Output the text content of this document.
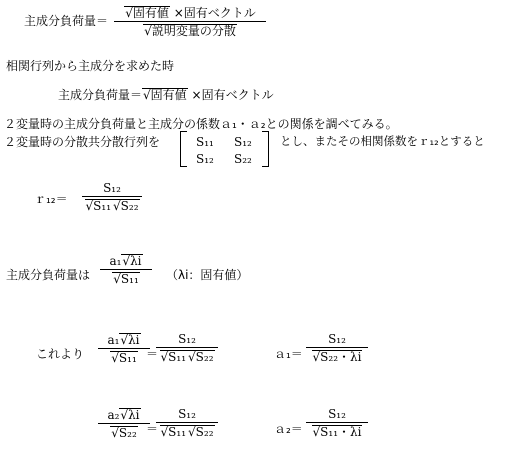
主成分負荷量＝
√ 固有値 ×固有ベクトル
√ 説明変量の分散
相関行列から主成分を求めた時
主成分負荷量＝ √ 固有値 ×固有ベクトル
２変量時の主成分負荷量と主成分の係数ａ₁・ａ₂との関係を調べてみる。
２変量時の分散共分散行列を	S₁₁ S₁₂
S₁₂ S₂₂
とし、またその相関係数をｒ₁₂とすると
ｒ₁₂＝
S₁₂
√ S₁₁ √ S₂₂
主成分負荷量は
a₁ √ λi
√ S₁₁	（λi：固有値）
これより
a₁ √ λi
√ S₁₁ ＝
S₁₂
√ S₁₁ √ S₂₂	ａ₁＝
S₁₂
√ S₂₂・λi
a₂ √ λi
√ S₂₂ ＝
S₁₂
√ S₁₁ √ S₂₂	ａ₂＝
S₁₂
√ S₁₁・λi
